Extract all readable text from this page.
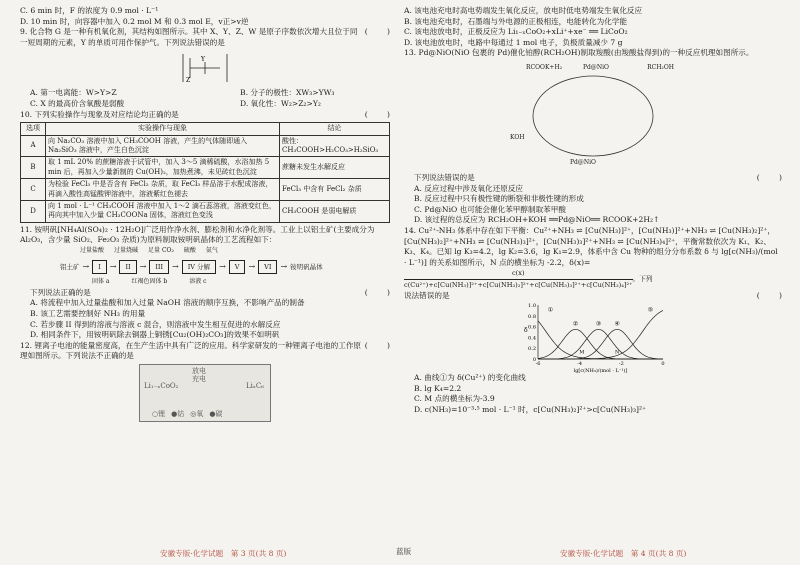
C. 6 min 时，F 的浓度为 0.9 mol · L⁻¹

D. 10 min 时，向容器中加入 0.2 mol M 和 0.3 mol E，v正>v逆

9. 化合物 G 是一种有机氧化剂，其结构如图所示。其中 X、Y、Z、W 是原子序数依次增大且位于同一短周期的元素，Y 的单质可用作保护气。下列说法错误的是
(        )
Y
Z
A. 第一电离能：W>Y>Z	B. 分子的极性：XW₃>YW₃
C. X 的最高价含氧酸是弱酸	D. 氧化性：W₂>Z₂>Y₂
10. 下列实验操作与现象及对应结论均正确的是	(        )
选项	实验操作与现象	结论
A	向 Na₂CO₃ 溶液中加入 CH₃COOH 溶液，产生的气体随即通入 Na₂SiO₃ 溶液中，产生白色沉淀	酸性：CH₃COOH>H₂CO₃>H₂SiO₃
B	取 1 mL 20% 的蔗糖溶液于试管中，加入 3～5 滴稀硫酸，水浴加热 5 min 后，再加入少量新制的 Cu(OH)₂，加热煮沸，未见砖红色沉淀	蔗糖未发生水解反应
C	为检验 FeCl₃ 中是否含有 FeCl₂ 杂质，取 FeCl₃ 样品溶于水配成溶液，再滴入酸性高锰酸钾溶液中，溶液紫红色褪去	FeCl₃ 中含有 FeCl₂ 杂质
D	向 1 mol · L⁻¹ CH₃COOH 溶液中加入 1～2 滴石蕊溶液，溶液变红色，再向其中加入少量 CH₃COONa 固体，溶液红色变浅	CH₃COOH 是弱电解质

11. 铵明矾[NH₄Al(SO₄)₂ · 12H₂O]广泛用作净水剂、膨松剂和水净化剂等。工业上以铝土矿(主要成分为 Al₂O₃，含少量 SiO₂、Fe₂O₃ 杂质)为原料制取铵明矾晶体的工艺流程如下：

过量盐酸 过量烧碱 足量 CO₂ 硫酸 氨气
铝土矿 →	I	→	II	→	III	→	IV 分解	→	V	→	VI	→ 铵明矾晶体
固体 a	红褐色固体 b	溶液 c
下列说法正确的是	(        )

A. 将流程中加入过量盐酸和加入过量 NaOH 溶液的顺序互换，不影响产品的制备

B. 该工艺需要控制好 NH₃ 的用量

C. 若步骤 II 得到的溶液与溶液 c 混合，则溶液中发生相互促进的水解反应

D. 相同条件下，用铵明矾除去铜器上铜锈[Cu₂(OH)₂CO₃]的效果不如明矾

12. 锂离子电池的能量密度高，在生产生活中具有广泛的应用。科学家研发的一种锂离子电池的工作原理如图所示。下列说法不正确的是
(        )
放电
充电
Li₁₋ₓCoO₂	LiₓC₆
○锂 ●钴 ◎氧 ●碳
安徽专版·化学试题　第 3 页(共 8 页)	蓝版

A. 该电池充电时高电势端发生氧化反应，放电时低电势端发生氧化反应

B. 该电池充电时，石墨端与外电源的正极相连，电能转化为化学能

C. 该电池放电时，正极反应为 Li₁₋ₓCoO₂+xLi⁺+xe⁻ ══ LiCoO₂

D. 该电池放电时，电路中每通过 1 mol 电子，负极质量减少 7 g

13. Pd@NiO(NiO 包裹的 Pd)催化铂醇(RCH₂OH)制取羧酸(由羧酸盐得到)的一种反应机理如图所示。

RCOOK+H₂	Pd@NiO	RCH₂OH
KOH
Pd@NiO
下列说法错误的是	(        )

A. 反应过程中涉及氧化还原反应

B. 反应过程中只有极性键的断裂和非极性键的形成

C. Pd@NiO 也可能会催化苯甲醇制取苯甲酸

D. 该过程的总反应为 RCH₂OH+KOH ══Pd@NiO══ RCOOK+2H₂↑

14. Cu²⁺-NH₃ 体系中存在如下平衡：Cu²⁺+NH₃ ⇌ [Cu(NH₃)]²⁺，[Cu(NH₃)]²⁺+NH₃ ⇌ [Cu(NH₃)₂]²⁺，[Cu(NH₃)₂]²⁺+NH₃ ⇌ [Cu(NH₃)₃]²⁺，[Cu(NH₃)₃]²⁺+NH₃ ⇌ [Cu(NH₃)₄]²⁺，平衡常数依次为 K₁、K₂、K₃、K₄。已知 lg K₃=4.2，lg K₂=3.6，lg K₁=2.9，体系中含 Cu 物种的组分分布系数 δ 与 lg[c(NH₃)/(mol · L⁻¹)] 的关系如图所示，N 点的横坐标为 -2.2，δ(x)=

c(x)
c(Cu²⁺)+c[Cu(NH₃)]²⁺+c[Cu(NH₃)₂]²⁺+c[Cu(NH₃)₃]²⁺+c[Cu(NH₃)₄]²⁺
。下列
说法错误的是	(        )
0
0.2
0.4
0.6
0.8
1.0
-6	-4	-2	0
δ
lg[c(NH₃)/(mol · L⁻¹)]
①
②	③ ④
⑤
M	N

A. 曲线①为 δ(Cu²⁺) 的变化曲线

B. lg K₄=2.2

C. M 点的横坐标为-3.9

D. c(NH₃)=10⁻³·⁵ mol · L⁻¹ 时，c[Cu(NH₃)₂]²⁺>c[Cu(NH₃)₃]²⁺

安徽专版·化学试题　第 4 页(共 8 页)
